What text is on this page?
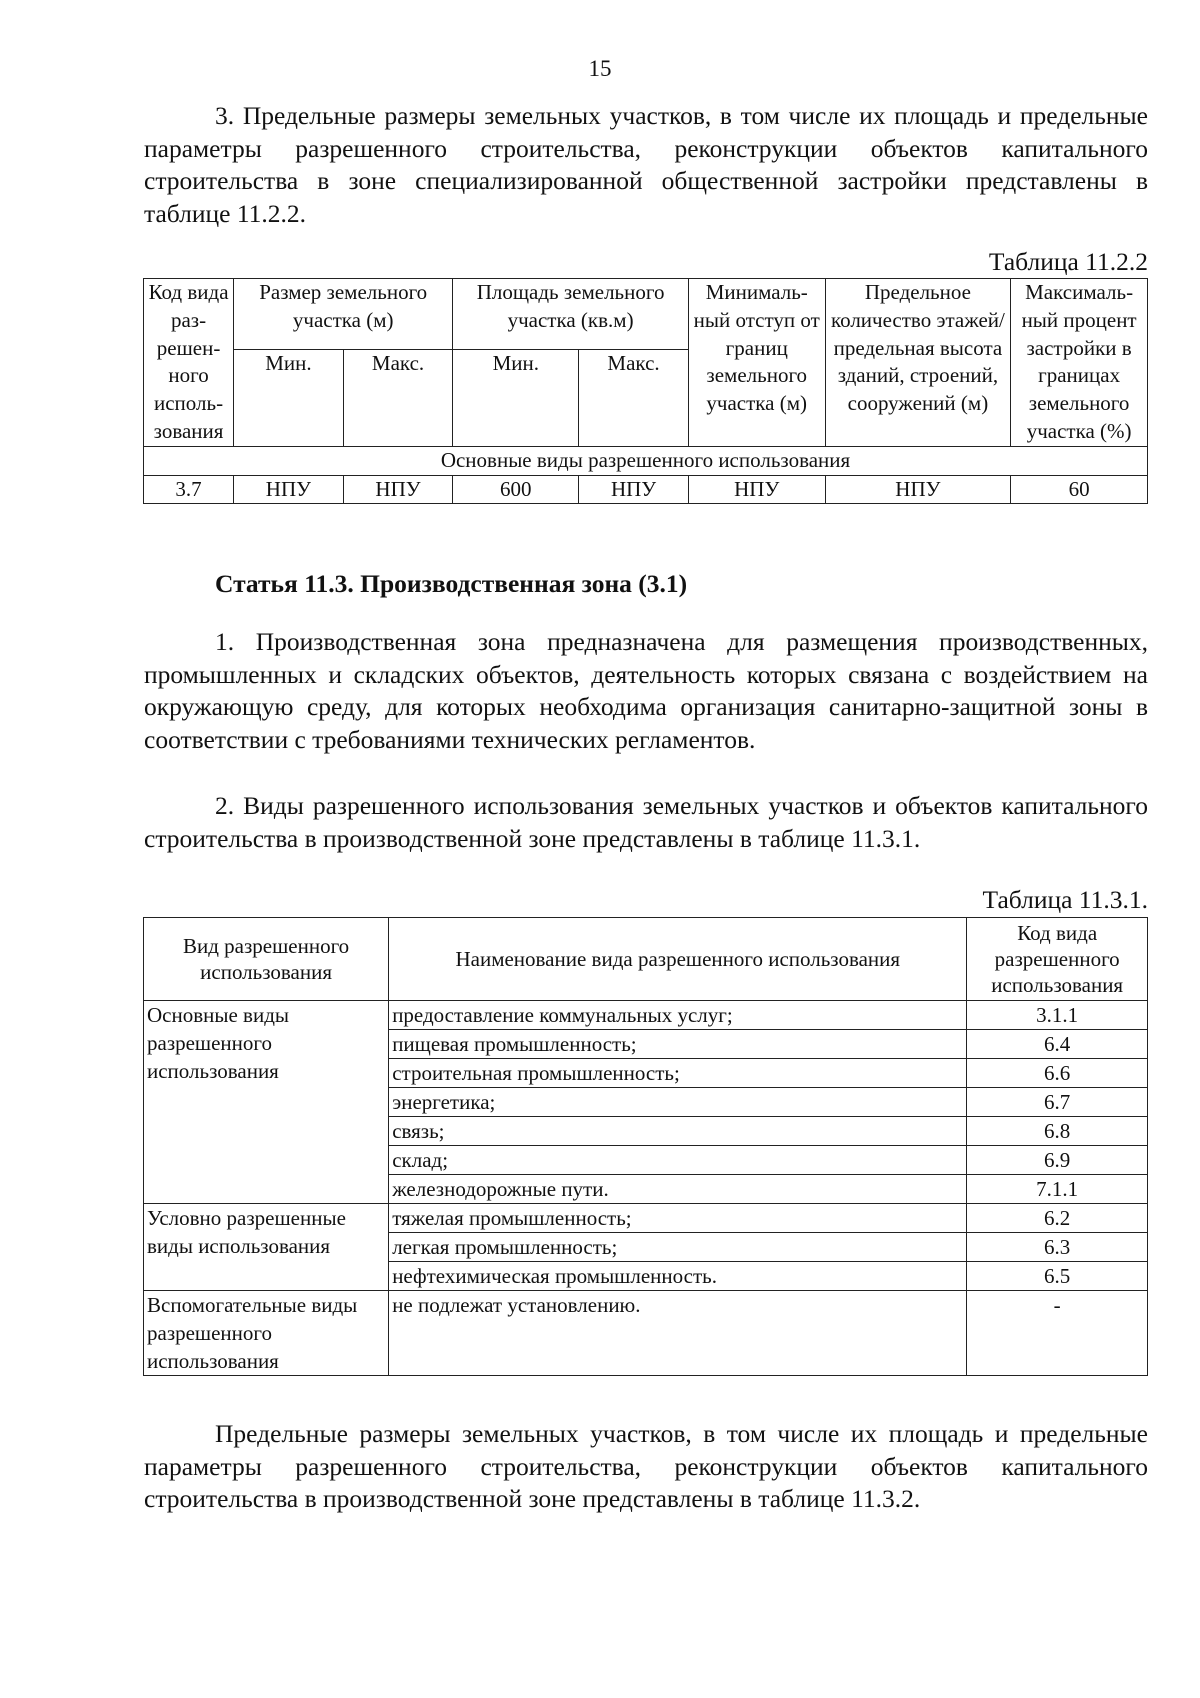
15

3. Предельные размеры земельных участков, в том числе их площадь и предельные параметры разрешенного строительства, реконструкции объектов капитального строительства в зоне специализированной общественной застройки представлены в таблице 11.2.2.

Таблица 11.2.2
Код вида раз-решен-ного исполь-зования	Размер земельного участка (м)		Площадь земельного участка (кв.м)		Минималь-ный отступ от границ земельного участка (м)	Предельное количество этажей/ предельная высота зданий, строений, сооружений (м)	Максималь-ный процент застройки в границах земельного участка (%)
	Мин.	Макс.	Мин.	Макс.			
Основные виды разрешенного использования							
3.7	НПУ	НПУ	600	НПУ	НПУ	НПУ	60
Статья 11.3. Производственная зона (3.1)

1. Производственная зона предназначена для размещения производственных, промышленных и складских объектов, деятельность которых связана с воздействием на окружающую среду, для которых необходима организация санитарно-защитной зоны в соответствии с требованиями технических регламентов.

2. Виды разрешенного использования земельных участков и объектов капитального строительства в производственной зоне представлены в таблице 11.3.1.

Таблица 11.3.1.
Вид разрешенного использования	Наименование вида разрешенного использования	Код вида разрешенного использования
Основные виды разрешенного использования	предоставление коммунальных услуг;	3.1.1
	пищевая промышленность;	6.4
	строительная промышленность;	6.6
	энергетика;	6.7
	связь;	6.8
	склад;	6.9
	железнодорожные пути.	7.1.1
Условно разрешенные виды использования	тяжелая промышленность;	6.2
	легкая промышленность;	6.3
	нефтехимическая промышленность.	6.5
Вспомогательные виды разрешенного использования	не подлежат установлению.	-

Предельные размеры земельных участков, в том числе их площадь и предельные параметры разрешенного строительства, реконструкции объектов капитального строительства в производственной зоне представлены в таблице 11.3.2.
